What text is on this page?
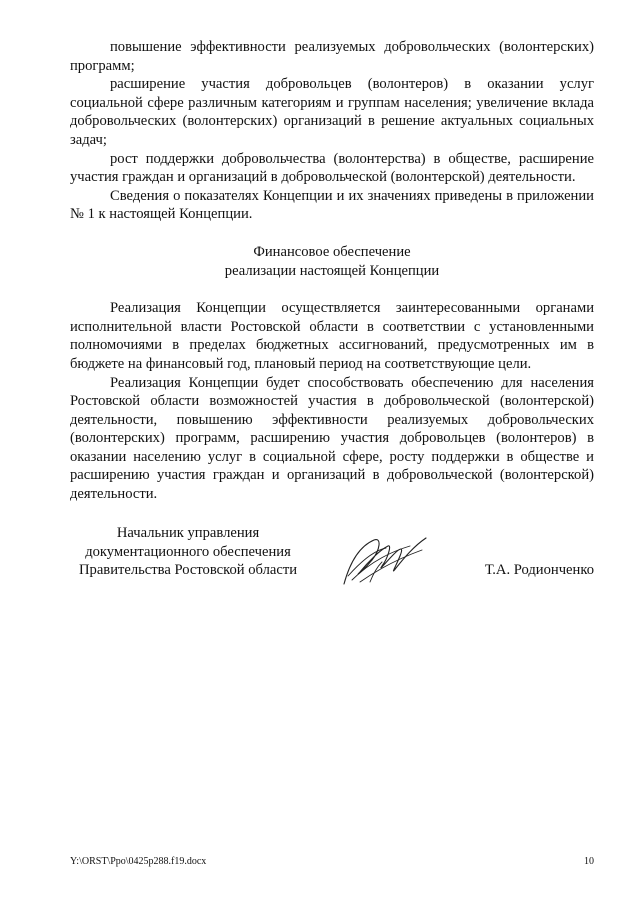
повышение эффективности реализуемых добровольческих (волонтерских) программ;

расширение участия добровольцев (волонтеров) в оказании услуг социальной сфере различным категориям и группам населения; увеличение вклада добровольческих (волонтерских) организаций в решение актуальных социальных задач;

рост поддержки добровольчества (волонтерства) в обществе, расширение участия граждан и организаций в добровольческой (волонтерской) деятельности.

Сведения о показателях Концепции и их значениях приведены в приложении № 1 к настоящей Концепции.

Финансовое обеспечение
реализации настоящей Концепции

Реализация Концепции осуществляется заинтересованными органами исполнительной власти Ростовской области в соответствии с установленными полномочиями в пределах бюджетных ассигнований, предусмотренных им в бюджете на финансовый год, плановый период на соответствующие цели.

Реализация Концепции будет способствовать обеспечению для населения Ростовской области возможностей участия в добровольческой (волонтерской) деятельности, повышению эффективности реализуемых добровольческих (волонтерских) программ, расширению участия добровольцев (волонтеров) в оказании населению услуг в социальной сфере, росту поддержки в обществе и расширению участия граждан и организаций в добровольческой (волонтерской) деятельности.

Начальник управления
документационного обеспечения
Правительства Ростовской области	Т.А. Родионченко
Y:\ORST\Ppo\0425p288.f19.docx	10
